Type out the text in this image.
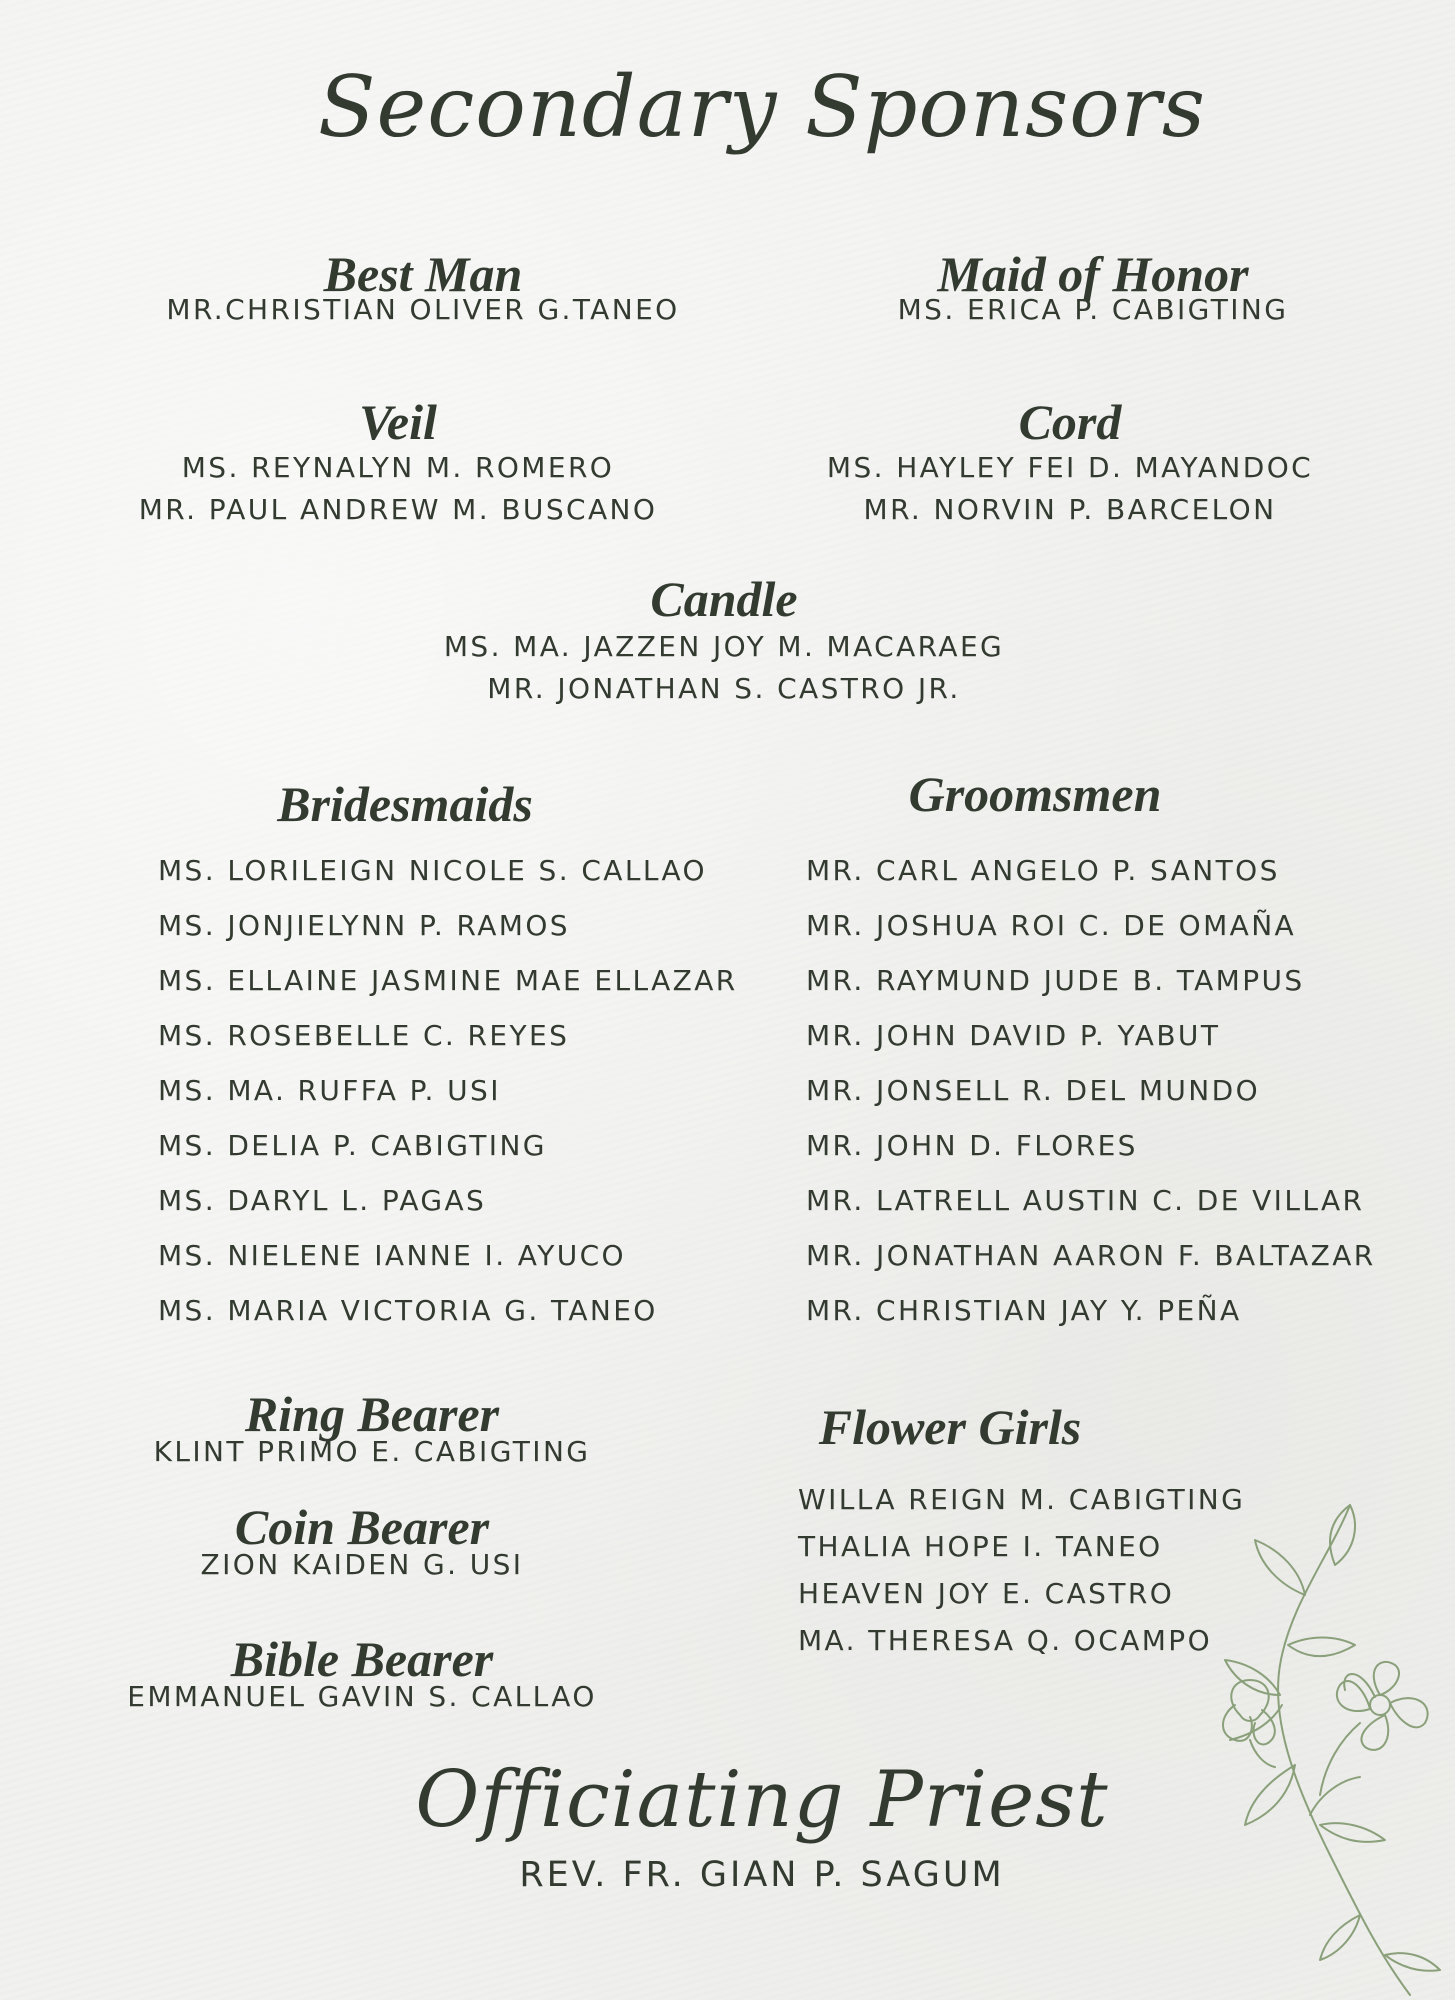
Secondary Sponsors
Best Man
MR.CHRISTIAN OLIVER G.TANEO
Maid of Honor
MS. ERICA P. CABIGTING
Veil
MS. REYNALYN M. ROMERO
MR. PAUL ANDREW M. BUSCANO
Cord
MS. HAYLEY FEI D. MAYANDOC
MR. NORVIN P. BARCELON
Candle
MS. MA. JAZZEN JOY M. MACARAEG
MR. JONATHAN S. CASTRO JR.
Bridesmaids
MS. LORILEIGN NICOLE S. CALLAO
MS. JONJIELYNN P. RAMOS
MS. ELLAINE JASMINE MAE ELLAZAR
MS. ROSEBELLE C. REYES
MS. MA. RUFFA P. USI
MS. DELIA P. CABIGTING
MS. DARYL L. PAGAS
MS. NIELENE IANNE I. AYUCO
MS. MARIA VICTORIA G. TANEO
Groomsmen
MR. CARL ANGELO P. SANTOS
MR. JOSHUA ROI C. DE OMAÑA
MR. RAYMUND JUDE B. TAMPUS
MR. JOHN DAVID P. YABUT
MR. JONSELL R. DEL MUNDO
MR. JOHN D. FLORES
MR. LATRELL AUSTIN C. DE VILLAR
MR. JONATHAN AARON F. BALTAZAR
MR. CHRISTIAN JAY Y. PEÑA
Ring Bearer
KLINT PRIMO E. CABIGTING
Coin Bearer
ZION KAIDEN G. USI
Bible Bearer
EMMANUEL GAVIN S. CALLAO
Flower Girls
WILLA REIGN M. CABIGTING
THALIA HOPE I. TANEO
HEAVEN JOY E. CASTRO
MA. THERESA Q. OCAMPO
Officiating Priest
REV. FR. GIAN P. SAGUM
